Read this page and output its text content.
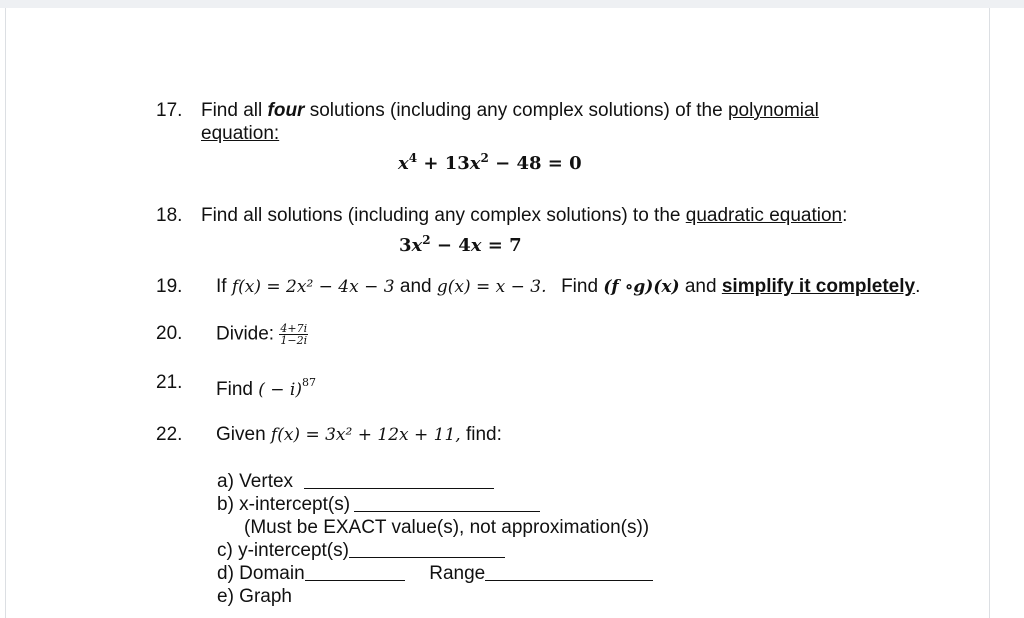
17. Find all four solutions (including any complex solutions) of the polynomial
equation:
$x^4 + 13x^2 - 48 = 0$
18. Find all solutions (including any complex solutions) to the quadratic equation:
$3x^2 - 4x = 7$
19. If f(x) = 2x² − 4x − 3 and g(x) = x − 3. Find (f ∘g)(x) and simplify it completely.
20. Divide: $\frac{4+7i}{1-2i}$
21. Find ( − i)$^{87}$
22. Given f(x) = 3x² + 12x + 11, find:
a) Vertex
b) x-intercept(s)
(Must be EXACT value(s), not approximation(s))
c) y-intercept(s)
d) Domain	Range
e) Graph
